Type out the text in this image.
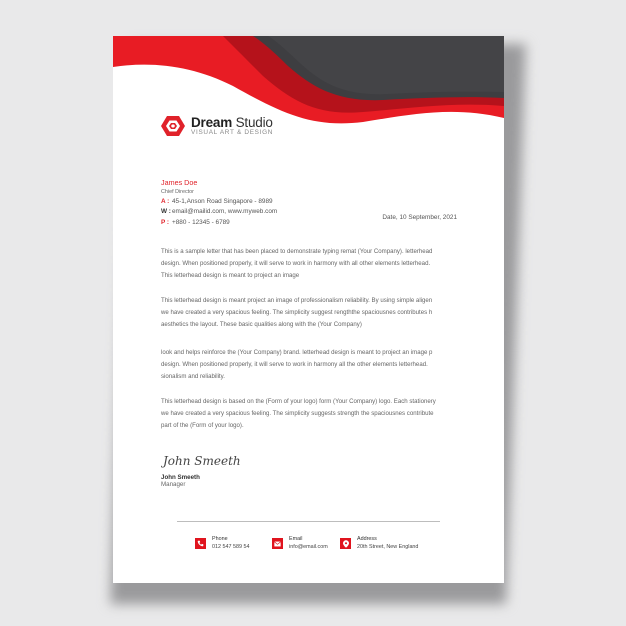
Dream Studio
VISUAL ART & DESIGN
James Doe
Chief Director
A : 45-1,Anson Road Singapore - 8989
W :email@mailid.com, www.myweb.com
P : +880 - 12345 - 6789
Date, 10 September, 2021
This is a sample letter that has been placed to demonstrate typing remat (Your Company). letterhead
design. When positioned properly, it will serve to work in harmony with all other elements letterhead.
This letterhead design is meant to project an image
This letterhead design is meant project an image of professionalism reliability. By using simple aligen
we have created a very spacious feeling. The simplicity suggest rengththe spaciousnes contributes h
aesthetics the layout. These basic qualities along with the (Your Company)
look and helps reinforce the (Your Company) brand. letterhead design is meant to project an image p
design. When positioned properly, it will serve to work in harmony all the other elements letterhead.
sionalism and reliability.
This letterhead design is based on the (Form of your logo) form (Your Company) logo. Each stationery
we have created a very spacious feeling. The simplicity suggests strength the spaciousnes contribute
part of the (Form of your logo).
John Smeeth
John Smeeth
Manager
Phone
012 547 589 54
Email
info@email.com
Address
20th Street, New England
